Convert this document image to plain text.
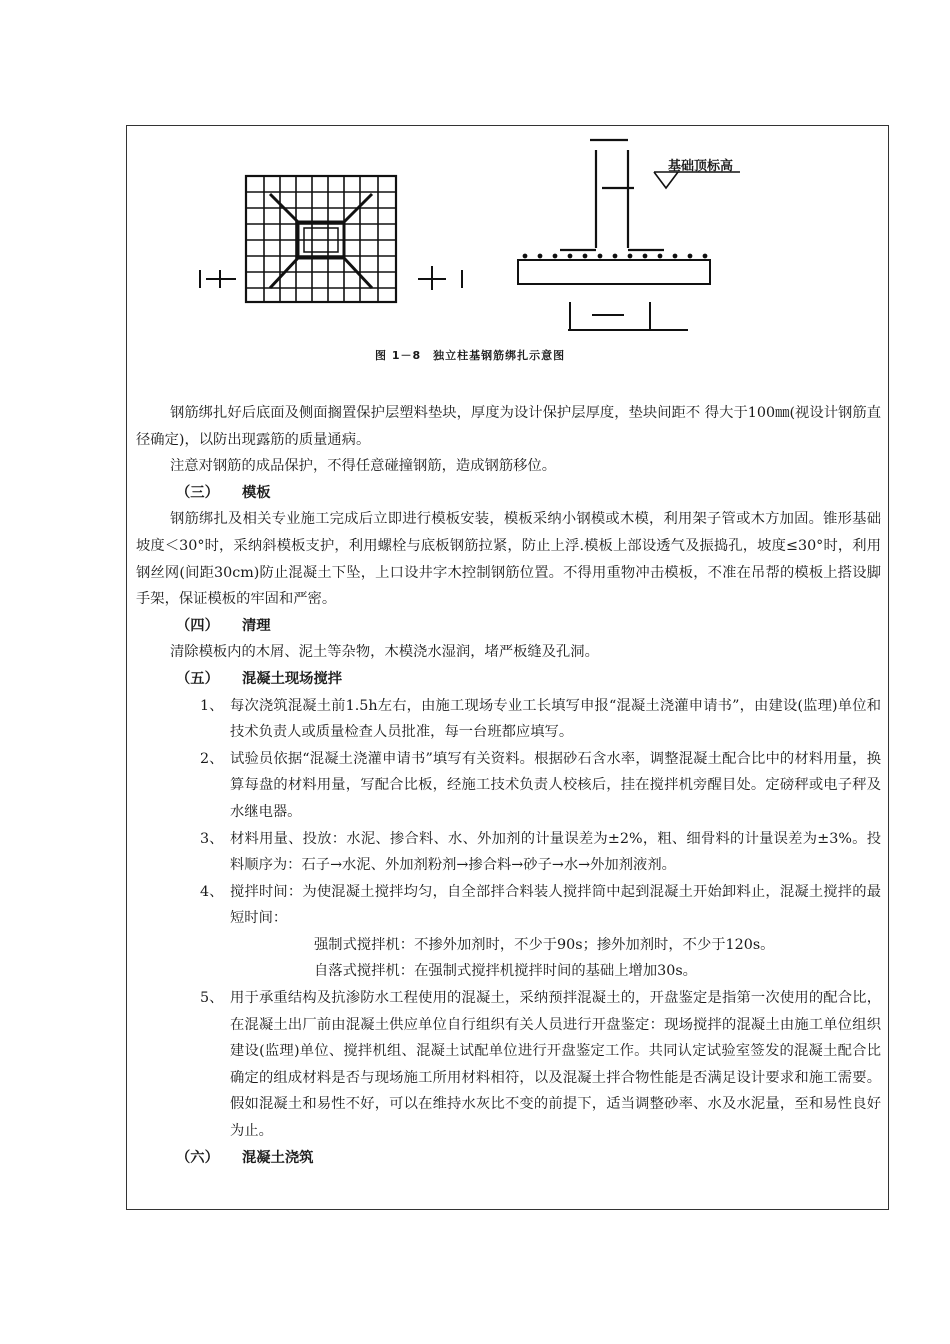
基础顶标高
图 1－8　独立柱基钢筋绑扎示意图

钢筋绑扎好后底面及侧面搁置保护层塑料垫块，厚度为设计保护层厚度，垫块间距不 得大于100㎜(视设计钢筋直径确定)，以防出现露筋的质量通病。

注意对钢筋的成品保护，不得任意碰撞钢筋，造成钢筋移位。

（三） 模板

钢筋绑扎及相关专业施工完成后立即进行模板安装，模板采纳小钢模或木模，利用架子管或木方加固。锥形基础坡度＜30°时，采纳斜模板支护，利用螺栓与底板钢筋拉紧，防止上浮.模板上部设透气及振捣孔，坡度≤30°时，利用钢丝网(间距30cm)防止混凝土下坠，上口设井字木控制钢筋位置。不得用重物冲击模板，不准在吊帮的模板上搭设脚手架，保证模板的牢固和严密。

（四） 清理

清除模板内的木屑、泥土等杂物，木模浇水湿润，堵严板缝及孔洞。

（五） 混凝土现场搅拌

1、 每次浇筑混凝土前1.5h左右，由施工现场专业工长填写申报“混凝土浇灌申请书”，由建设(监理)单位和技术负责人或质量检查人员批准，每一台班都应填写。

2、 试验员依据“混凝土浇灌申请书”填写有关资料。根据砂石含水率，调整混凝土配合比中的材料用量，换算每盘的材料用量，写配合比板，经施工技术负责人校核后，挂在搅拌机旁醒目处。定磅秤或电子秤及水继电器。

3、 材料用量、投放：水泥、掺合料、水、外加剂的计量误差为±2%，粗、细骨料的计量误差为±3%。投料顺序为：石子→水泥、外加剂粉剂→掺合料→砂子→水→外加剂液剂。

4、 搅拌时间：为使混凝土搅拌均匀，自全部拌合料装人搅拌筒中起到混凝土开始卸料止，混凝土搅拌的最短时间：

强制式搅拌机：不掺外加剂时，不少于90s；掺外加剂时，不少于120s。

自落式搅拌机：在强制式搅拌机搅拌时间的基础上增加30s。

5、 用于承重结构及抗渗防水工程使用的混凝土，采纳预拌混凝土的，开盘鉴定是指第一次使用的配合比，在混凝土出厂前由混凝土供应单位自行组织有关人员进行开盘鉴定：现场搅拌的混凝土由施工单位组织建设(监理)单位、搅拌机组、混凝土试配单位进行开盘鉴定工作。共同认定试验室签发的混凝土配合比确定的组成材料是否与现场施工所用材料相符，以及混凝土拌合物性能是否满足设计要求和施工需要。假如混凝土和易性不好，可以在维持水灰比不变的前提下，适当调整砂率、水及水泥量，至和易性良好为止。

（六） 混凝土浇筑
